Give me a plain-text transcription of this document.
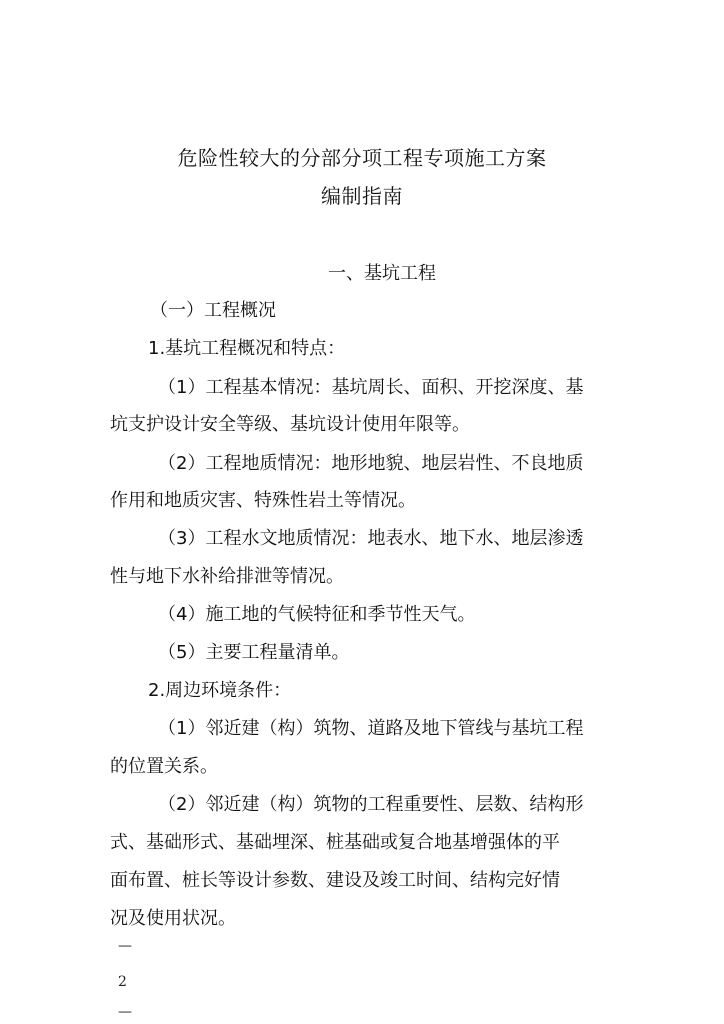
危险性较大的分部分项工程专项施工方案
编制指南
一、基坑工程
（一）工程概况
1.基坑工程概况和特点：
（1）工程基本情况：基坑周长、面积、开挖深度、基
坑支护设计安全等级、基坑设计使用年限等。
（2）工程地质情况：地形地貌、地层岩性、不良地质
作用和地质灾害、特殊性岩土等情况。
（3）工程水文地质情况：地表水、地下水、地层渗透
性与地下水补给排泄等情况。
（4）施工地的气候特征和季节性天气。
（5）主要工程量清单。
2.周边环境条件：
（1）邻近建（构）筑物、道路及地下管线与基坑工程
的位置关系。
（2）邻近建（构）筑物的工程重要性、层数、结构形
式、基础形式、基础埋深、桩基础或复合地基增强体的平
面布置、桩长等设计参数、建设及竣工时间、结构完好情
况及使用状况。
—
2
—
